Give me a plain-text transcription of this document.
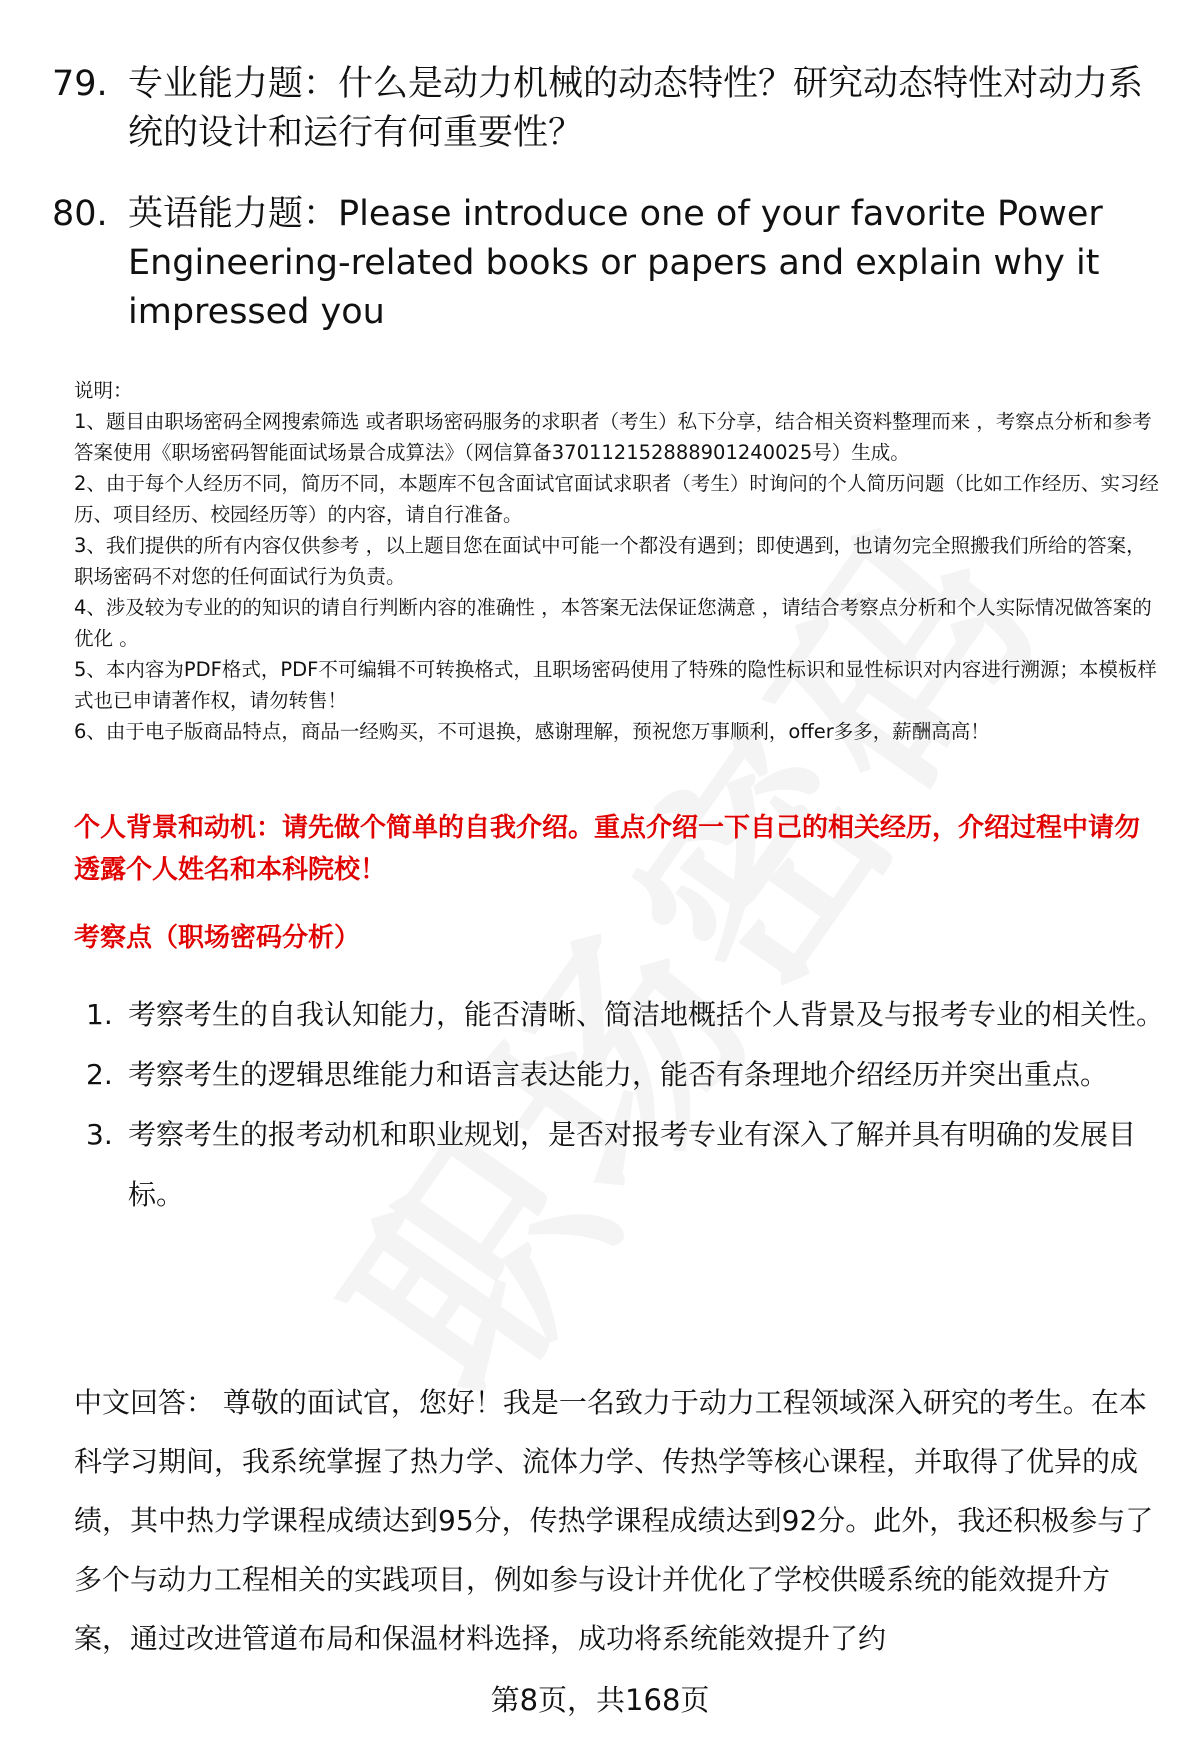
79. 专业能力题：什么是动力机械的动态特性？研究动态特性对动力系统的设计和运行有何重要性？
80. 英语能力题：Please introduce one of your favorite Power Engineering-related books or papers and explain why it impressed you
说明：
1、题目由职场密码全网搜索筛选 或者职场密码服务的求职者（考生）私下分享，结合相关资料整理而来 ，考察点分析和参考答案使用《职场密码智能面试场景合成算法》（网信算备370112152888901240025号）生成。
2、由于每个人经历不同，简历不同，本题库不包含面试官面试求职者（考生）时询问的个人简历问题（比如工作经历、实习经历、项目经历、校园经历等）的内容，请自行准备。
3、我们提供的所有内容仅供参考 ，以上题目您在面试中可能一个都没有遇到；即使遇到，也请勿完全照搬我们所给的答案，职场密码不对您的任何面试行为负责。
4、涉及较为专业的的知识的请自行判断内容的准确性 ，本答案无法保证您满意 ，请结合考察点分析和个人实际情况做答案的优化 。
5、本内容为PDF格式，PDF不可编辑不可转换格式，且职场密码使用了特殊的隐性标识和显性标识对内容进行溯源；本模板样式也已申请著作权，请勿转售！
6、由于电子版商品特点，商品一经购买，不可退换，感谢理解，预祝您万事顺利，offer多多，薪酬高高！
个人背景和动机：请先做个简单的自我介绍。重点介绍一下自己的相关经历，介绍过程中请勿透露个人姓名和本科院校！
考察点（职场密码分析）
1. 考察考生的自我认知能力，能否清晰、简洁地概括个人背景及与报考专业的相关性。
2. 考察考生的逻辑思维能力和语言表达能力，能否有条理地介绍经历并突出重点。
3. 考察考生的报考动机和职业规划，是否对报考专业有深入了解并具有明确的发展目标。
中文回答： 尊敬的面试官，您好！我是一名致力于动力工程领域深入研究的考生。在本科学习期间，我系统掌握了热力学、流体力学、传热学等核心课程，并取得了优异的成绩，其中热力学课程成绩达到95分，传热学课程成绩达到92分。此外，我还积极参与了多个与动力工程相关的实践项目，例如参与设计并优化了学校供暖系统的能效提升方案，通过改进管道布局和保温材料选择，成功将系统能效提升了约
第8页，共168页
